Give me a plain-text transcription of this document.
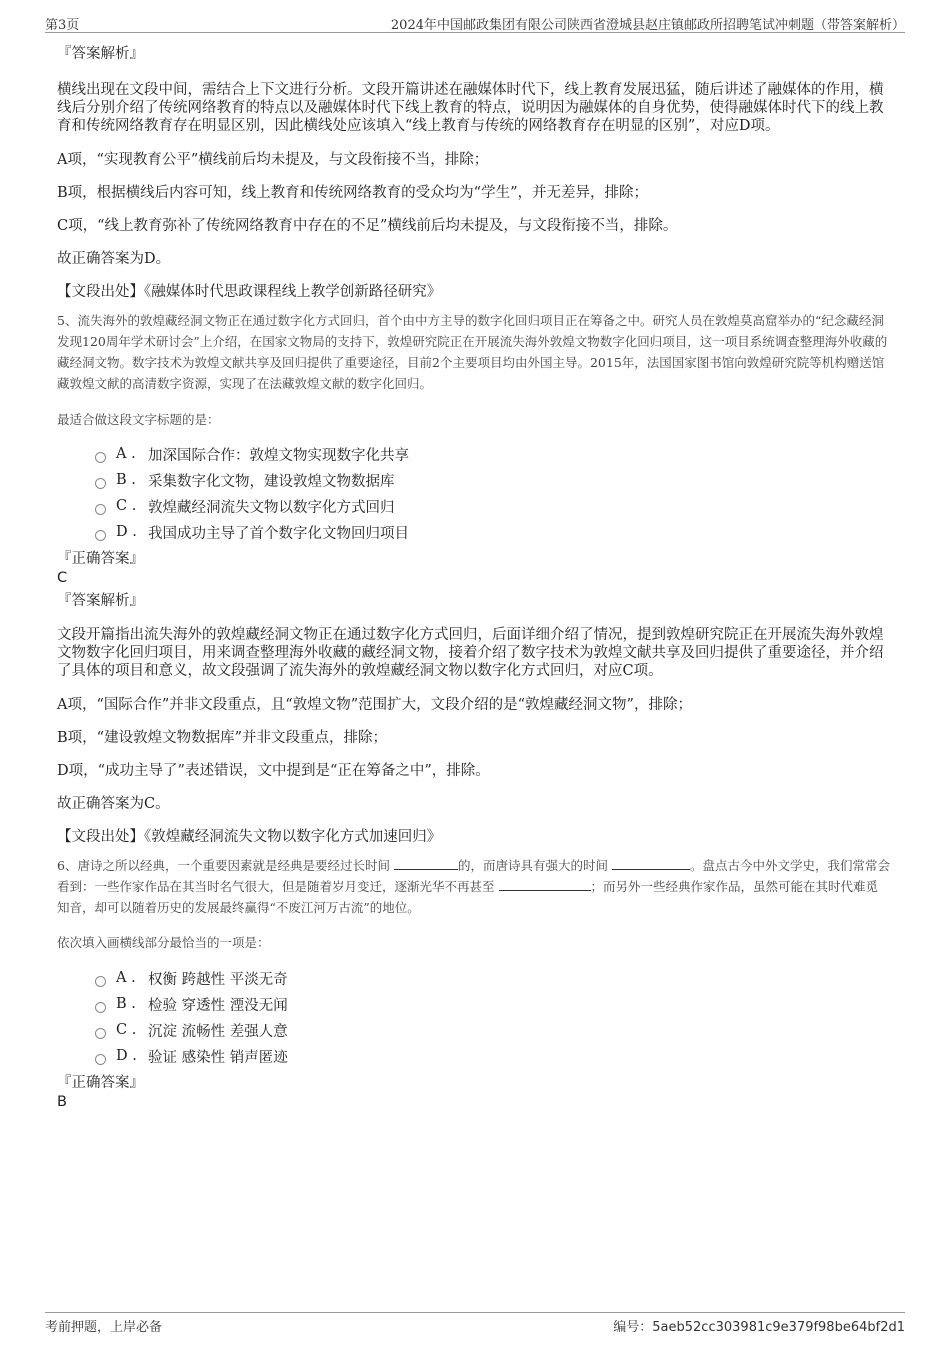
第3页	2024年中国邮政集团有限公司陕西省澄城县赵庄镇邮政所招聘笔试冲刺题（带答案解析）

『答案解析』

横线出现在文段中间，需结合上下文进行分析。文段开篇讲述在融媒体时代下，线上教育发展迅猛，随后讲述了融媒体的作用，横线后分别介绍了传统网络教育的特点以及融媒体时代下线上教育的特点，说明因为融媒体的自身优势，使得融媒体时代下的线上教育和传统网络教育存在明显区别，因此横线处应该填入“线上教育与传统的网络教育存在明显的区别”，对应D项。

A项，“实现教育公平”横线前后均未提及，与文段衔接不当，排除；

B项，根据横线后内容可知，线上教育和传统网络教育的受众均为“学生”，并无差异，排除；

C项，“线上教育弥补了传统网络教育中存在的不足”横线前后均未提及，与文段衔接不当，排除。

故正确答案为D。

【文段出处】《融媒体时代思政课程线上教学创新路径研究》

5、流失海外的敦煌藏经洞文物正在通过数字化方式回归，首个由中方主导的数字化回归项目正在筹备之中。研究人员在敦煌莫高窟举办的“纪念藏经洞发现120周年学术研讨会”上介绍，在国家文物局的支持下，敦煌研究院正在开展流失海外敦煌文物数字化回归项目，这一项目系统调查整理海外收藏的藏经洞文物。数字技术为敦煌文献共享及回归提供了重要途径，目前2个主要项目均由外国主导。2015年，法国国家图书馆向敦煌研究院等机构赠送馆藏敦煌文献的高清数字资源，实现了在法藏敦煌文献的数字化回归。

最适合做这段文字标题的是：

A . 加深国际合作：敦煌文物实现数字化共享
B . 采集数字化文物，建设敦煌文物数据库
C . 敦煌藏经洞流失文物以数字化方式回归
D . 我国成功主导了首个数字化文物回归项目

『正确答案』

C

『答案解析』

文段开篇指出流失海外的敦煌藏经洞文物正在通过数字化方式回归，后面详细介绍了情况，提到敦煌研究院正在开展流失海外敦煌文物数字化回归项目，用来调查整理海外收藏的藏经洞文物，接着介绍了数字技术为敦煌文献共享及回归提供了重要途径，并介绍了具体的项目和意义，故文段强调了流失海外的敦煌藏经洞文物以数字化方式回归，对应C项。

A项，“国际合作”并非文段重点，且“敦煌文物”范围扩大，文段介绍的是“敦煌藏经洞文物”，排除；

B项，“建设敦煌文物数据库”并非文段重点，排除；

D项，“成功主导了”表述错误，文中提到是“正在筹备之中”，排除。

故正确答案为C。

【文段出处】《敦煌藏经洞流失文物以数字化方式加速回归》

6、唐诗之所以经典，一个重要因素就是经典是要经过长时间	的，而唐诗具有强大的时间	。盘点古今中外文学史，我们常常会看到：一些作家作品在其当时名气很大，但是随着岁月变迁，逐渐光华不再甚至	；而另外一些经典作家作品，虽然可能在其时代难觅知音，却可以随着历史的发展最终赢得“不废江河万古流”的地位。

依次填入画横线部分最恰当的一项是：

A . 权衡 跨越性 平淡无奇
B . 检验 穿透性 湮没无闻
C . 沉淀 流畅性 差强人意
D . 验证 感染性 销声匿迹

『正确答案』

B

考前押题，上岸必备	编号：5aeb52cc303981c9e379f98be64bf2d1
